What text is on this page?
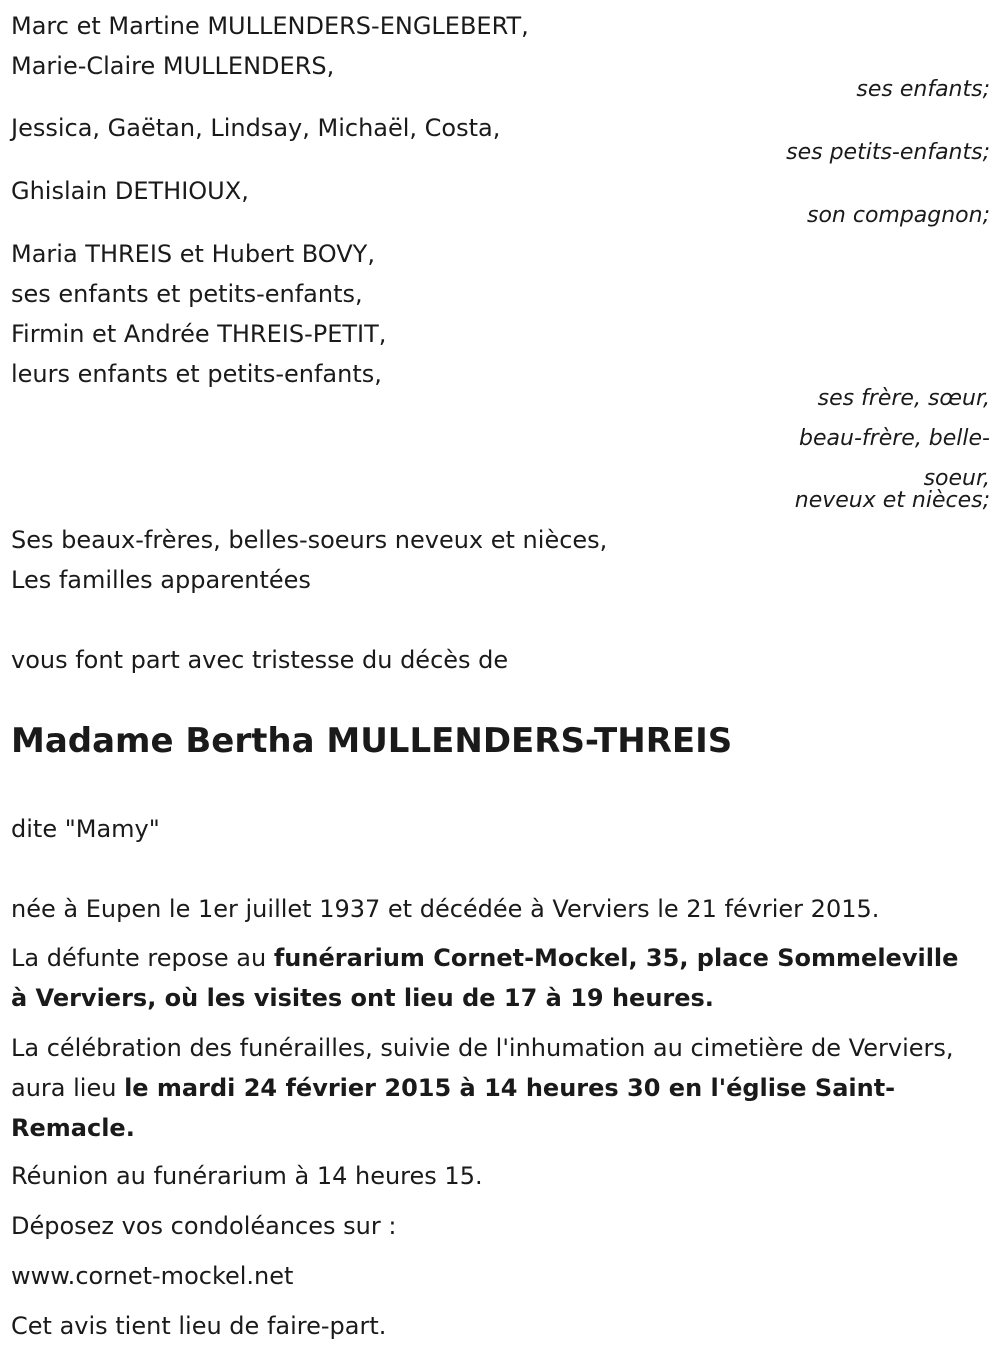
Marc et Martine MULLENDERS-ENGLEBERT,

Marie-Claire MULLENDERS,

ses enfants;

Jessica, Gaëtan, Lindsay, Michaël, Costa,

ses petits-enfants;

Ghislain DETHIOUX,

son compagnon;

Maria THREIS et Hubert BOVY,

ses enfants et petits-enfants,

Firmin et Andrée THREIS-PETIT,

leurs enfants et petits-enfants,

ses frère, sœur,

beau-frère, belle-

soeur,

neveux et nièces;

Ses beaux-frères, belles-soeurs neveux et nièces,

Les familles apparentées

vous font part avec tristesse du décès de

Madame Bertha MULLENDERS-THREIS

dite "Mamy"

née à Eupen le 1er juillet 1937 et décédée à Verviers le 21 février 2015.

La défunte repose au funérarium Cornet-Mockel, 35, place Sommeleville à Verviers, où les visites ont lieu de 17 à 19 heures.

La célébration des funérailles, suivie de l'inhumation au cimetière de Verviers, aura lieu le mardi 24 février 2015 à 14 heures 30 en l'église Saint-Remacle.

Réunion au funérarium à 14 heures 15.

Déposez vos condoléances sur :

www.cornet-mockel.net

Cet avis tient lieu de faire-part.
